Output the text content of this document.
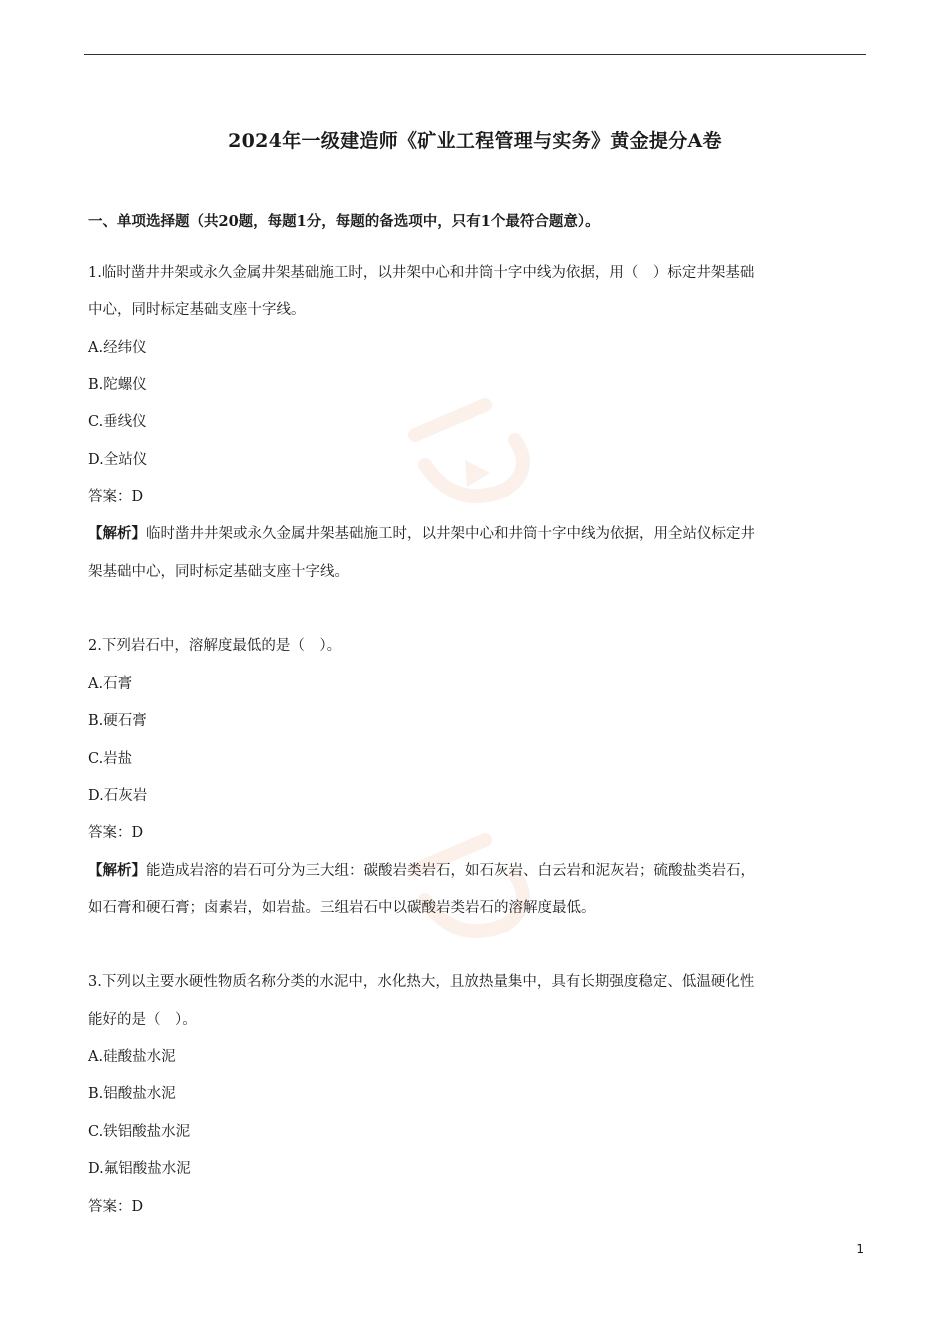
2024年一级建造师《矿业工程管理与实务》黄金提分A卷
一、单项选择题（共20题，每题1分，每题的备选项中，只有1个最符合题意）。
1.临时凿井井架或永久金属井架基础施工时，以井架中心和井筒十字中线为依据，用（　）标定井架基础
中心，同时标定基础支座十字线。
A.经纬仪
B.陀螺仪
C.垂线仪
D.全站仪
答案：D
【解析】临时凿井井架或永久金属井架基础施工时，以井架中心和井筒十字中线为依据，用全站仪标定井
架基础中心，同时标定基础支座十字线。
2.下列岩石中，溶解度最低的是（　）。
A.石膏
B.硬石膏
C.岩盐
D.石灰岩
答案：D
【解析】能造成岩溶的岩石可分为三大组：碳酸岩类岩石，如石灰岩、白云岩和泥灰岩；硫酸盐类岩石，
如石膏和硬石膏；卤素岩，如岩盐。三组岩石中以碳酸岩类岩石的溶解度最低。
3.下列以主要水硬性物质名称分类的水泥中，水化热大，且放热量集中，具有长期强度稳定、低温硬化性
能好的是（　）。
A.硅酸盐水泥
B.铝酸盐水泥
C.铁铝酸盐水泥
D.氟铝酸盐水泥
答案：D
1
